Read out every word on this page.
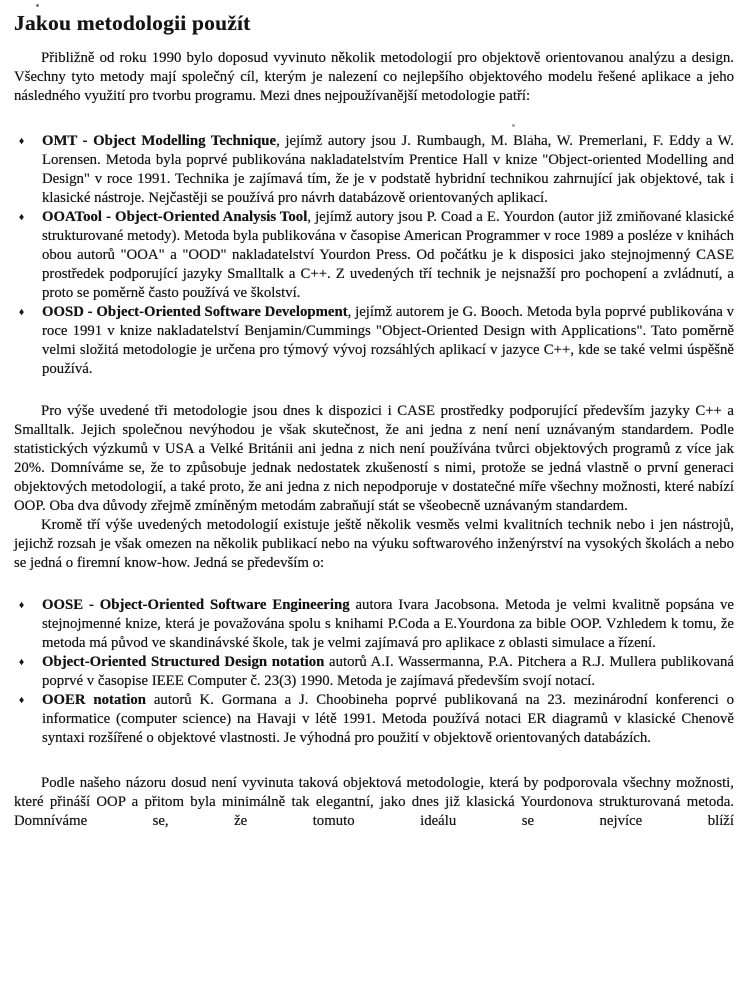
Jakou metodologii použít

Přibližně od roku 1990 bylo doposud vyvinuto několik metodologií pro objektově orientovanou analýzu a design. Všechny tyto metody mají společný cíl, kterým je nalezení co nejlepšího objektového modelu řešené aplikace a jeho následného využití pro tvorbu programu. Mezi dnes nejpoužívanější metodologie patří:

♦	OMT - Object Modelling Technique, jejímž autory jsou J. Rumbaugh, M. Blaha, W. Premerlani, F. Eddy a W. Lorensen. Metoda byla poprvé publikována nakladatelstvím Prentice Hall v knize "Object-oriented Modelling and Design" v roce 1991. Technika je zajímavá tím, že je v podstatě hybridní technikou zahrnující jak objektové, tak i klasické nástroje. Nejčastěji se používá pro návrh databázově orientovaných aplikací.
♦	OOATool - Object-Oriented Analysis Tool, jejímž autory jsou P. Coad a E. Yourdon (autor již zmiňované klasické strukturované metody). Metoda byla publikována v časopise American Programmer v roce 1989 a posléze v knihách obou autorů "OOA" a "OOD" nakladatelství Yourdon Press. Od počátku je k disposici jako stejnojmenný CASE prostředek podporující jazyky Smalltalk a C++. Z uvedených tří technik je nejsnažší pro pochopení a zvládnutí, a proto se poměrně často používá ve školství.
♦	OOSD - Object-Oriented Software Development, jejímž autorem je G. Booch. Metoda byla poprvé publikována v roce 1991 v knize nakladatelství Benjamin/Cummings "Object-Oriented Design with Applications". Tato poměrně velmi složitá metodologie je určena pro týmový vývoj rozsáhlých aplikací v jazyce C++, kde se také velmi úspěšně používá.

Pro výše uvedené tři metodologie jsou dnes k dispozici i CASE prostředky podporující především jazyky C++ a Smalltalk. Jejich společnou nevýhodou je však skutečnost, že ani jedna z není není uznávaným standardem. Podle statistických výzkumů v USA a Velké Británii ani jedna z nich není používána tvůrci objektových programů z více jak 20%. Domníváme se, že to způsobuje jednak nedostatek zkušeností s nimi, protože se jedná vlastně o první generaci objektových metodologií, a také proto, že ani jedna z nich nepodporuje v dostatečné míře všechny možnosti, které nabízí OOP. Oba dva důvody zřejmě zmíněným metodám zabraňují stát se všeobecně uznávaným standardem.

Kromě tří výše uvedených metodologií existuje ještě několik vesměs velmi kvalitních technik nebo i jen nástrojů, jejichž rozsah je však omezen na několik publikací nebo na výuku softwarového inženýrství na vysokých školách a nebo se jedná o firemní know-how. Jedná se především o:

♦	OOSE - Object-Oriented Software Engineering autora Ivara Jacobsona. Metoda je velmi kvalitně popsána ve stejnojmenné knize, která je považována spolu s knihami P.Coda a E.Yourdona za bible OOP. Vzhledem k tomu, že metoda má původ ve skandinávské škole, tak je velmi zajímavá pro aplikace z oblasti simulace a řízení.
♦	Object-Oriented Structured Design notation autorů A.I. Wassermanna, P.A. Pitchera a R.J. Mullera publikovaná poprvé v časopise IEEE Computer č. 23(3) 1990. Metoda je zajímavá především svojí notací.
♦	OOER notation autorů K. Gormana a J. Choobineha poprvé publikovaná na 23. mezinárodní konferenci o informatice (computer science) na Havaji v létě 1991. Metoda používá notaci ER diagramů v klasické Chenově syntaxi rozšířené o objektové vlastnosti. Je výhodná pro použití v objektově orientovaných databázích.

Podle našeho názoru dosud není vyvinuta taková objektová metodologie, která by podporovala všechny možnosti, které přináší OOP a přitom byla minimálně tak elegantní, jako dnes již klasická Yourdonova strukturovaná metoda. Domníváme se, že tomuto ideálu se nejvíce blíží
